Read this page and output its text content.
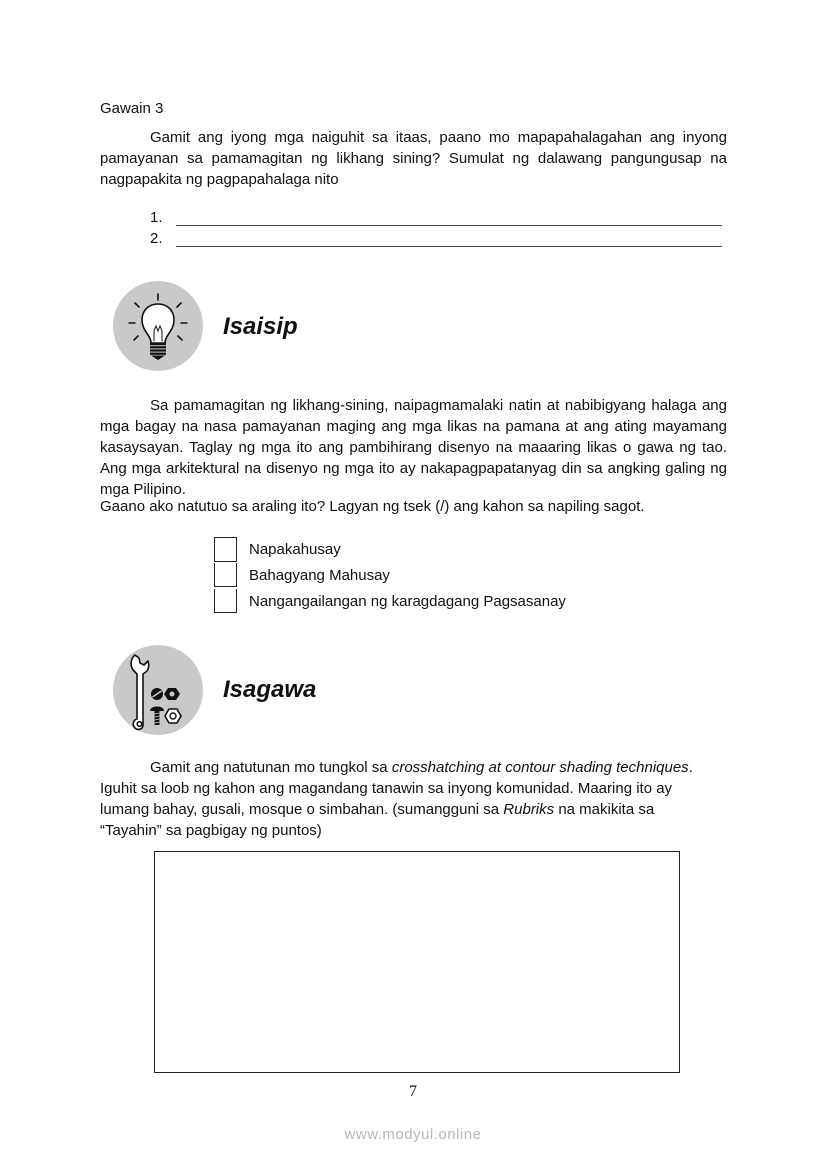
Gawain 3
Gamit ang iyong mga naiguhit sa itaas, paano mo mapapahalagahan ang inyong pamayanan sa pamamagitan ng likhang sining? Sumulat ng dalawang pangungusap na nagpapakita ng pagpapahalaga nito
1.
2.
Isaisip
Sa pamamagitan ng likhang-sining, naipagmamalaki natin at nabibigyang halaga ang mga bagay na nasa pamayanan maging ang mga likas na pamana at ang ating mayamang kasaysayan. Taglay ng mga ito ang pambihirang disenyo na maaaring likas o gawa ng tao. Ang mga arkitektural na disenyo ng mga ito ay nakapagpapatanyag din sa angking galing ng mga Pilipino.
Gaano ako natutuo sa araling ito? Lagyan ng tsek (/) ang kahon sa napiling sagot.
Napakahusay
Bahagyang Mahusay
Nangangailangan ng karagdagang Pagsasanay
Isagawa
Gamit ang natutunan mo tungkol sa crosshatching at contour shading techniques. Iguhit sa loob ng kahon ang magandang tanawin sa inyong komunidad. Maaring ito ay lumang bahay, gusali, mosque o simbahan. (sumangguni sa Rubriks na makikita sa “Tayahin” sa pagbigay ng puntos)
7
www.modyul.online
